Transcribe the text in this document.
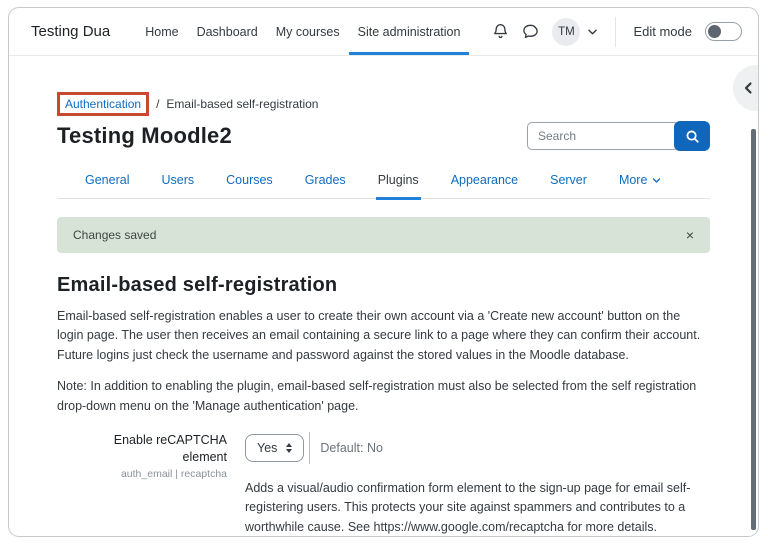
Testing Dua	Home	Dashboard	My courses	Site administration	TM	Edit mode
Authentication	/ Email-based self-registration
Testing Moodle2
Search
General	Users	Courses	Grades	Plugins	Appearance	Server	More
Changes saved	×
Email-based self-registration

Email-based self-registration enables a user to create their own account via a 'Create new account' button on the login page. The user then receives an email containing a secure link to a page where they can confirm their account. Future logins just check the username and password against the stored values in the Moodle database.

Note: In addition to enabling the plugin, email-based self-registration must also be selected from the self registration drop-down menu on the 'Manage authentication' page.

Enable reCAPTCHA element
auth_email | recaptcha
Yes	Default: No

Adds a visual/audio confirmation form element to the sign-up page for email self-registering users. This protects your site against spammers and contributes to a worthwhile cause. See https://www.google.com/recaptcha for more details.
